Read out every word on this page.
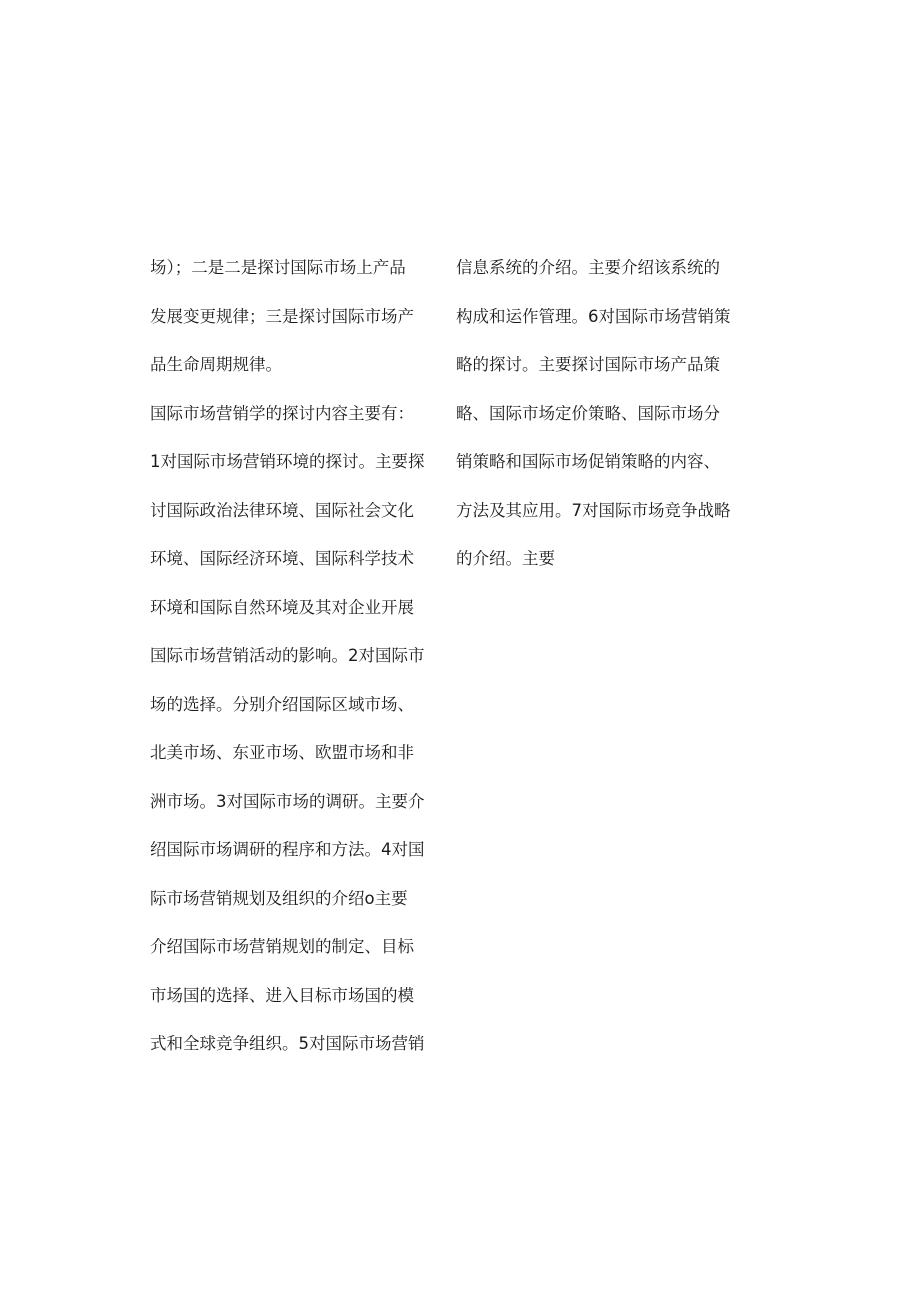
场）；二是二是探讨国际市场上产品
发展变更规律；三是探讨国际市场产
品生命周期规律。
国际市场营销学的探讨内容主要有：
1对国际市场营销环境的探讨。主要探
讨国际政治法律环境、国际社会文化
环境、国际经济环境、国际科学技术
环境和国际自然环境及其对企业开展
国际市场营销活动的影响。2对国际市
场的选择。分别介绍国际区域市场、
北美市场、东亚市场、欧盟市场和非
洲市场。3对国际市场的调研。主要介
绍国际市场调研的程序和方法。4对国
际市场营销规划及组织的介绍o主要
介绍国际市场营销规划的制定、目标
市场国的选择、进入目标市场国的模
式和全球竞争组织。5对国际市场营销
信息系统的介绍。主要介绍该系统的
构成和运作管理。6对国际市场营销策
略的探讨。主要探讨国际市场产品策
略、国际市场定价策略、国际市场分
销策略和国际市场促销策略的内容、
方法及其应用。7对国际市场竞争战略
的介绍。主要
